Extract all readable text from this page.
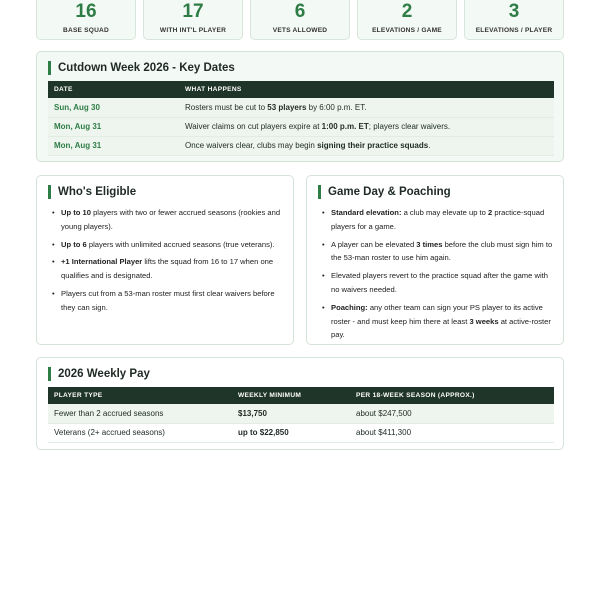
16
BASE SQUAD
17
WITH INT'L PLAYER
6
VETS ALLOWED
2
ELEVATIONS / GAME
3
ELEVATIONS / PLAYER
Cutdown Week 2026 - Key Dates
DATE	WHAT HAPPENS
Sun, Aug 30	Rosters must be cut to 53 players by 6:00 p.m. ET.
Mon, Aug 31	Waiver claims on cut players expire at 1:00 p.m. ET; players clear waivers.
Mon, Aug 31	Once waivers clear, clubs may begin signing their practice squads.
Who's Eligible
• Up to 10 players with two or fewer accrued seasons (rookies and young players).
• Up to 6 players with unlimited accrued seasons (true veterans).
• +1 International Player lifts the squad from 16 to 17 when one qualifies and is designated.
• Players cut from a 53-man roster must first clear waivers before they can sign.
Game Day & Poaching
• Standard elevation: a club may elevate up to 2 practice-squad players for a game.
• A player can be elevated 3 times before the club must sign him to the 53-man roster to use him again.
• Elevated players revert to the practice squad after the game with no waivers needed.
• Poaching: any other team can sign your PS player to its active roster - and must keep him there at least 3 weeks at active-roster pay.
2026 Weekly Pay
PLAYER TYPE	WEEKLY MINIMUM	PER 18-WEEK SEASON (APPROX.)
Fewer than 2 accrued seasons	$13,750	about $247,500
Veterans (2+ accrued seasons)	up to $22,850	about $411,300
